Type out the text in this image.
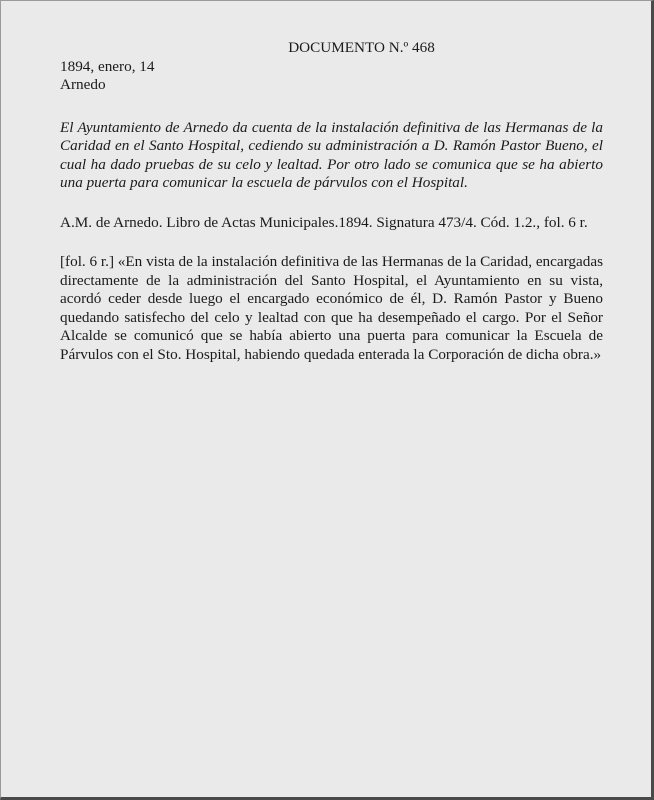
DOCUMENTO N.º 468

1894, enero, 14

Arnedo

El Ayuntamiento de Arnedo da cuenta de la instalación definitiva de las Hermanas de la Caridad en el Santo Hospital, cediendo su administración a D. Ramón Pastor Bueno, el cual ha dado pruebas de su celo y lealtad. Por otro lado se comunica que se ha abierto una puerta para comunicar la escuela de párvulos con el Hospital.

A.M. de Arnedo. Libro de Actas Municipales.1894. Signatura 473/4. Cód. 1.2., fol. 6 r.

[fol. 6 r.] «En vista de la instalación definitiva de las Hermanas de la Caridad, encargadas directamente de la administración del Santo Hospital, el Ayuntamiento en su vista, acordó ceder desde luego el encargado económico de él, D. Ramón Pastor y Bueno quedando satisfecho del celo y lealtad con que ha desempeñado el cargo. Por el Señor Alcalde se comunicó que se había abierto una puerta para comunicar la Escuela de Párvulos con el Sto. Hospital, habiendo quedada enterada la Corporación de dicha obra.»
